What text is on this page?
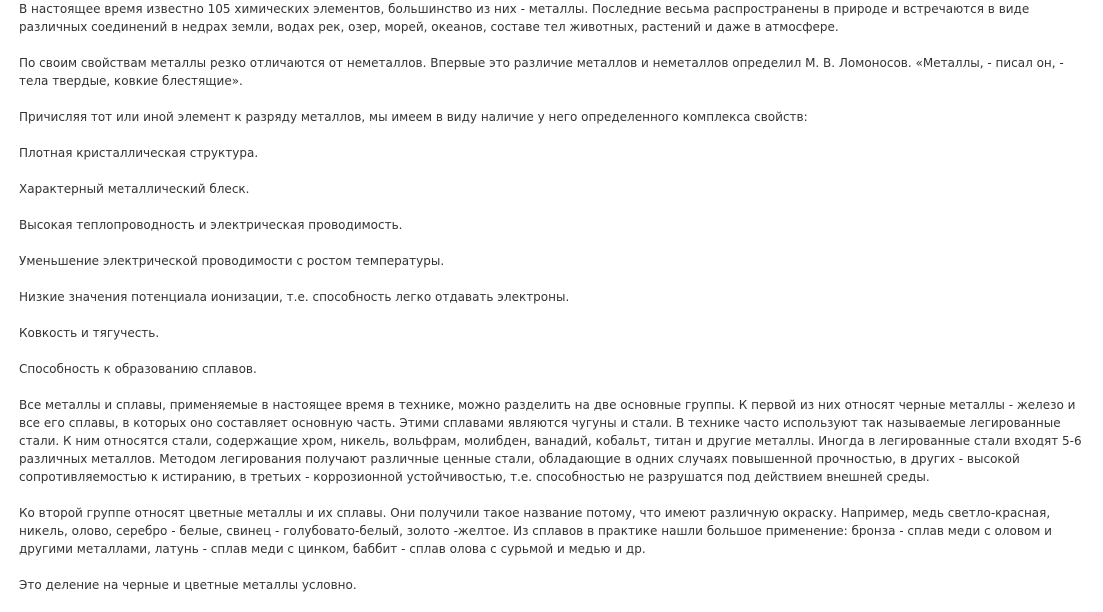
В настоящее время известно 105 химических элементов, большинство из них - металлы. Последние весьма распространены в природе и встречаются в виде различных соединений в недрах земли, водах рек, озер, морей, океанов, составе тел животных, растений и даже в атмосфере.

По своим свойствам металлы резко отличаются от неметаллов. Впервые это различие металлов и неметаллов определил М. В. Ломоносов. «Металлы, - писал он, - тела твердые, ковкие блестящие».

Причисляя тот или иной элемент к разряду металлов, мы имеем в виду наличие у него определенного комплекса свойств:

Плотная кристаллическая структура.

Характерный металлический блеск.

Высокая теплопроводность и электрическая проводимость.

Уменьшение электрической проводимости с ростом температуры.

Низкие значения потенциала ионизации, т.е. способность легко отдавать электроны.

Ковкость и тягучесть.

Способность к образованию сплавов.

Все металлы и сплавы, применяемые в настоящее время в технике, можно разделить на две основные группы. К первой из них относят черные металлы - железо и все его сплавы, в которых оно составляет основную часть. Этими сплавами являются чугуны и стали. В технике часто используют так называемые легированные стали. К ним относятся стали, содержащие хром, никель, вольфрам, молибден, ванадий, кобальт, титан и другие металлы. Иногда в легированные стали входят 5-6 различных металлов. Методом легирования получают различные ценные стали, обладающие в одних случаях повышенной прочностью, в других - высокой сопротивляемостью к истиранию, в третьих - коррозионной устойчивостью, т.е. способностью не разрушатся под действием внешней среды.

Ко второй группе относят цветные металлы и их сплавы. Они получили такое название потому, что имеют различную окраску. Например, медь светло-красная, никель, олово, серебро - белые, свинец - голубовато-белый, золото -желтое. Из сплавов в практике нашли большое применение: бронза - сплав меди с оловом и другими металлами, латунь - сплав меди с цинком, баббит - сплав олова с сурьмой и медью и др.

Это деление на черные и цветные металлы условно.
